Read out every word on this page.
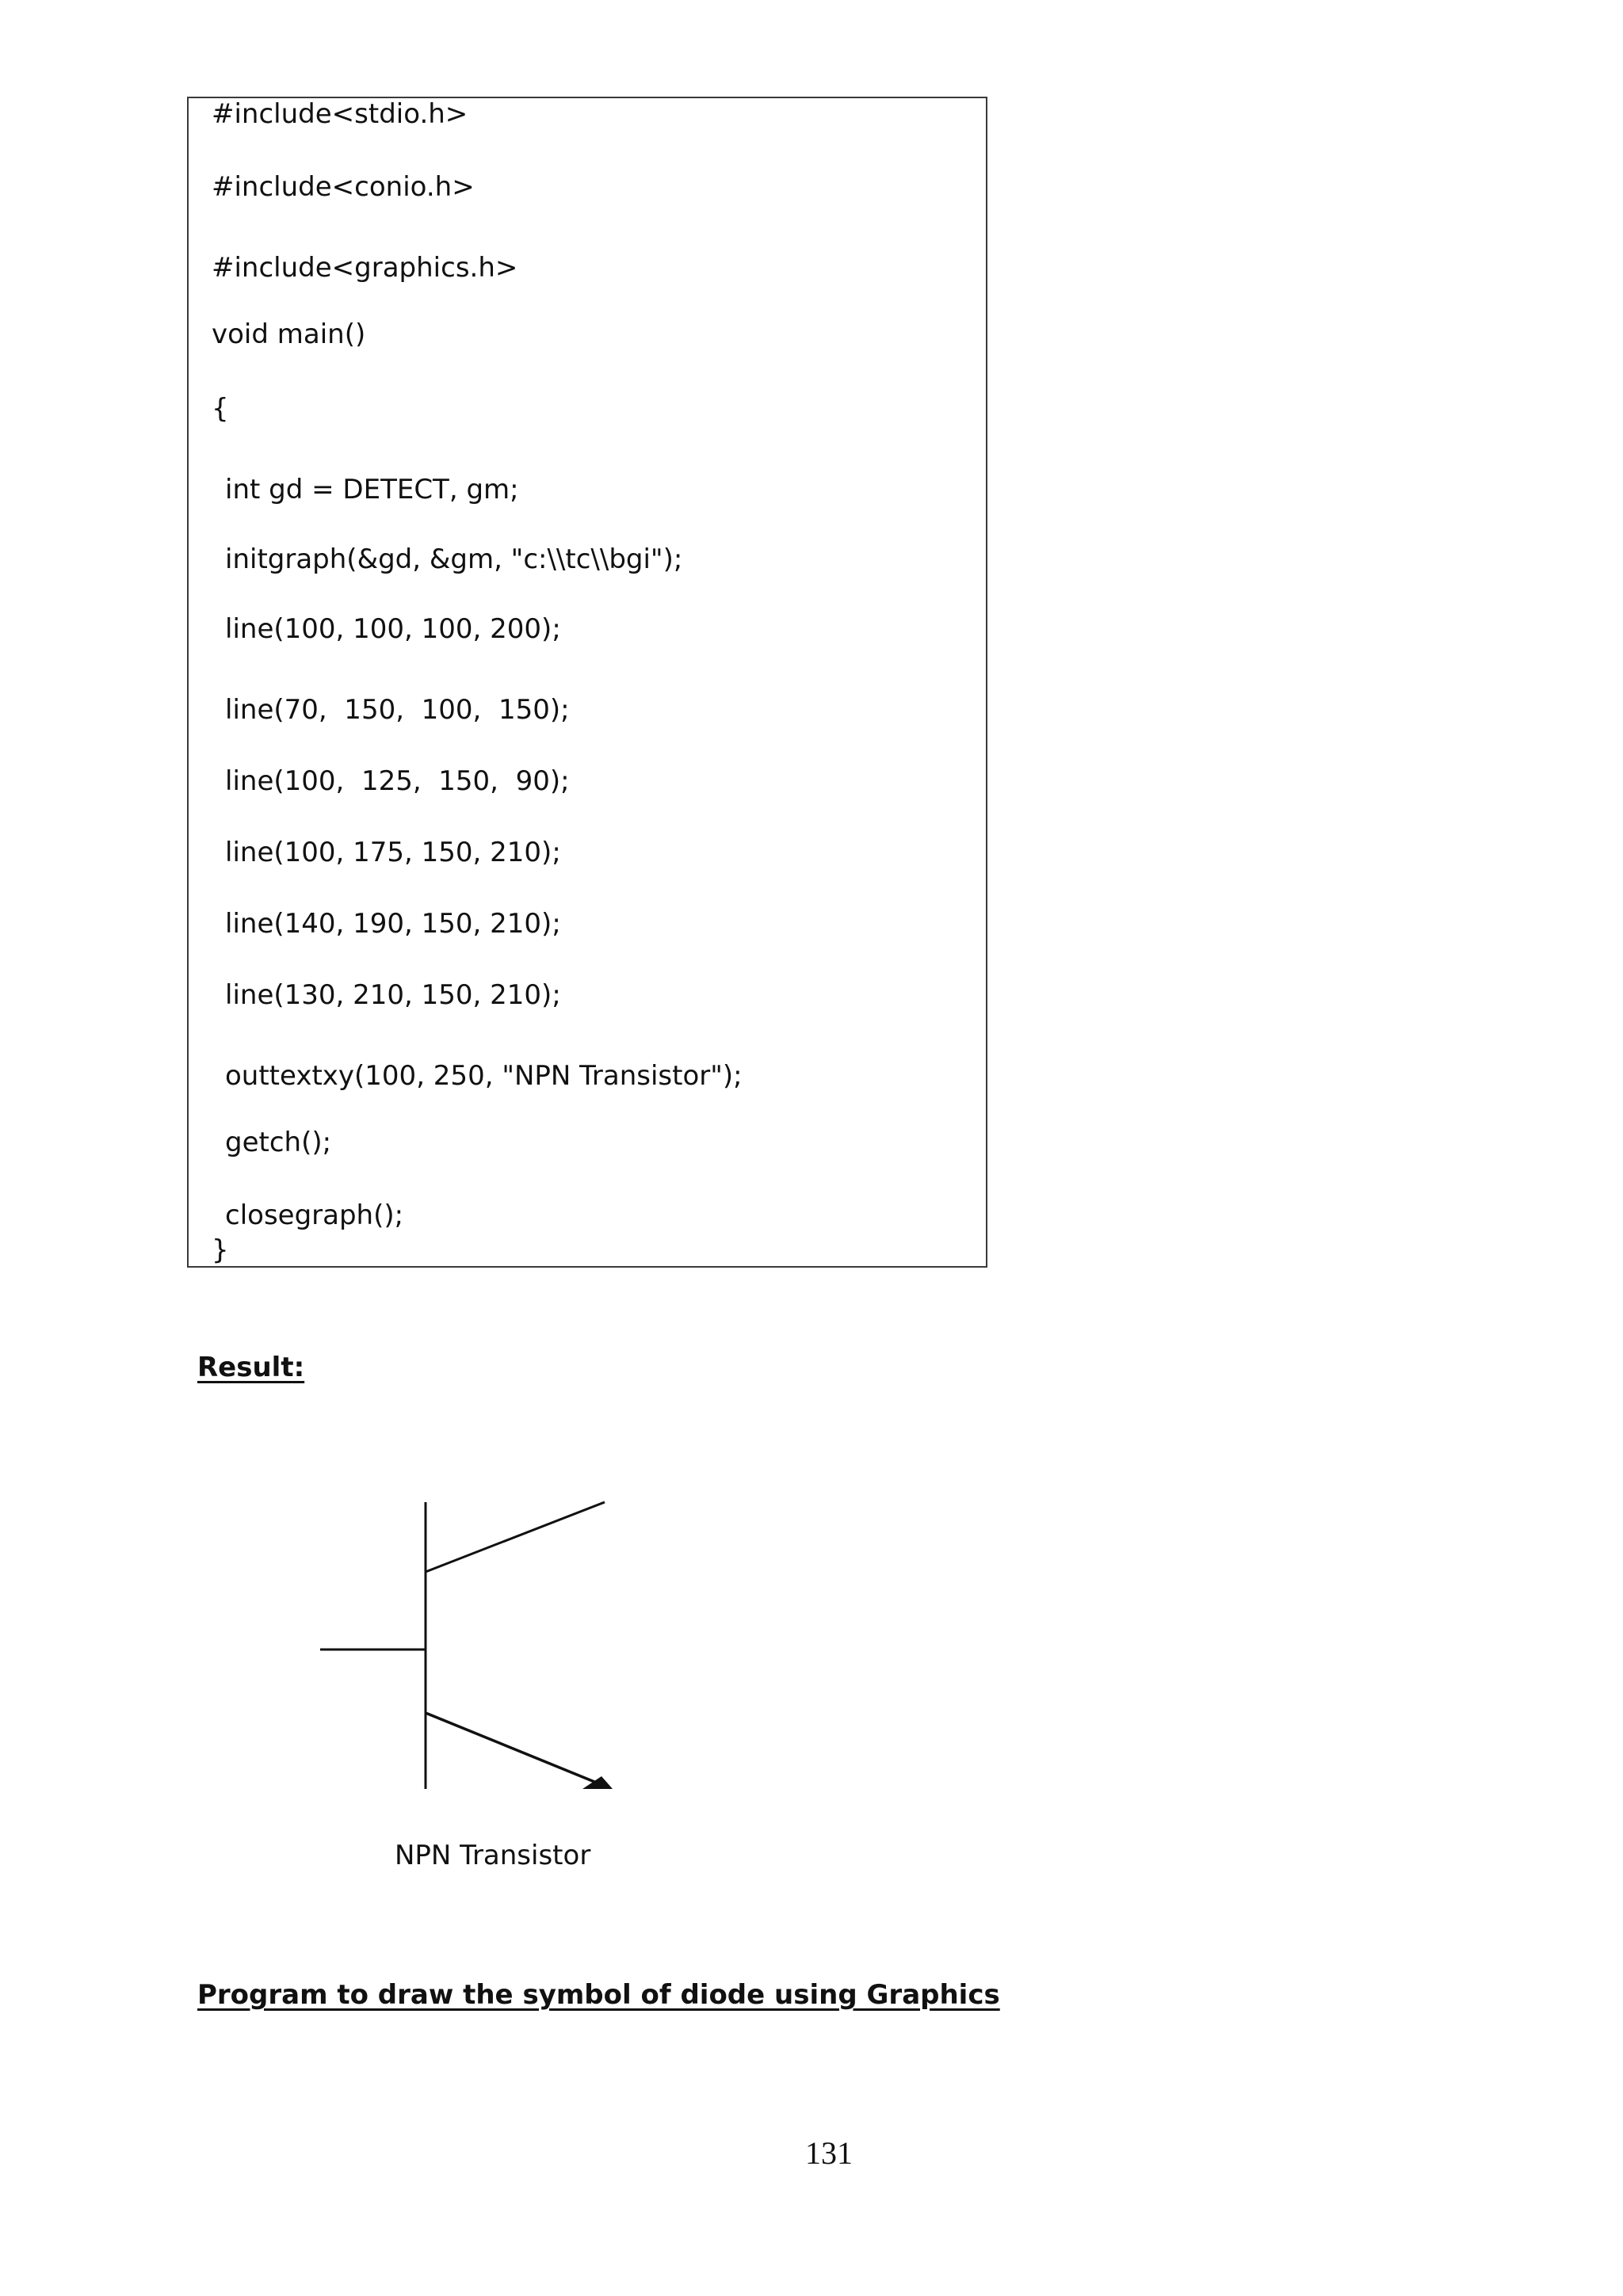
#include<stdio.h>
#include<conio.h>
#include<graphics.h>
void main()
{
int gd = DETECT, gm;
initgraph(&gd, &gm, "c:\\tc\\bgi");
line(100, 100, 100, 200);
line(70,  150,  100,  150);
line(100,  125,  150,  90);
line(100, 175, 150, 210);
line(140, 190, 150, 210);
line(130, 210, 150, 210);
outtextxy(100, 250, "NPN Transistor");
getch();
closegraph();
}
Result:
NPN Transistor
Program to draw the symbol of diode using Graphics
131
